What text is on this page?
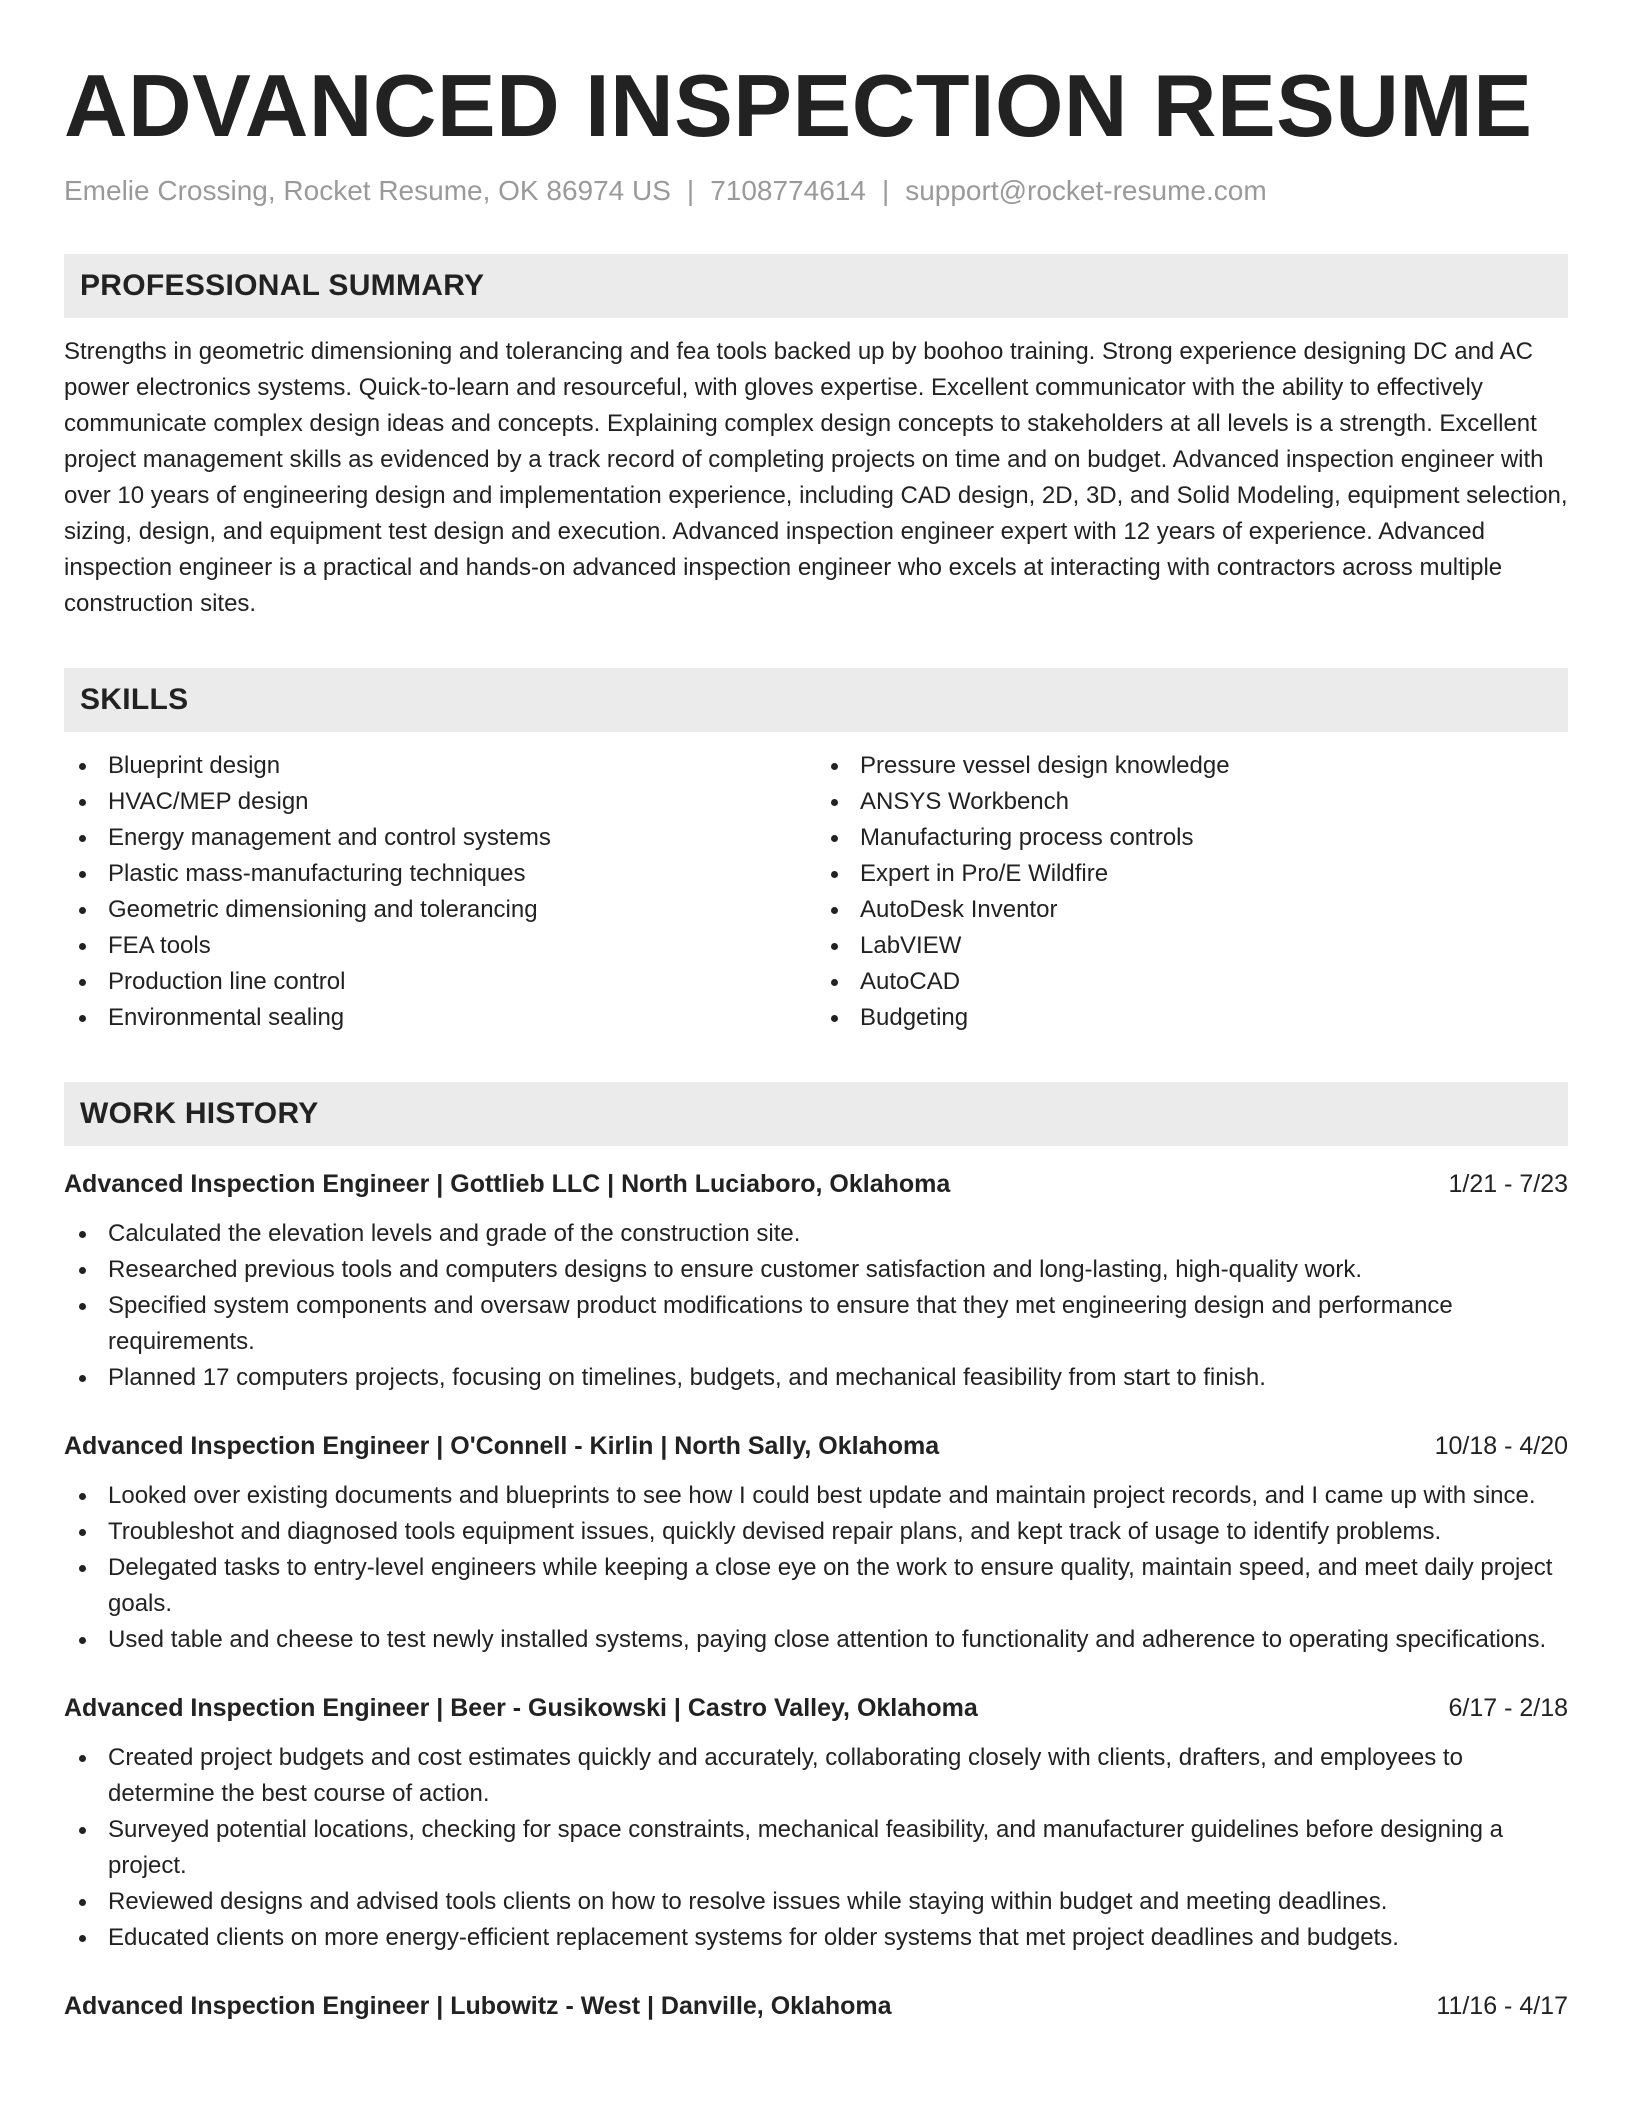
ADVANCED INSPECTION RESUME
Emelie Crossing, Rocket Resume, OK 86974 US | 7108774614 | support@rocket-resume.com
PROFESSIONAL SUMMARY

Strengths in geometric dimensioning and tolerancing and fea tools backed up by boohoo training. Strong experience designing DC and AC power electronics systems. Quick-to-learn and resourceful, with gloves expertise. Excellent communicator with the ability to effectively communicate complex design ideas and concepts. Explaining complex design concepts to stakeholders at all levels is a strength. Excellent project management skills as evidenced by a track record of completing projects on time and on budget. Advanced inspection engineer with over 10 years of engineering design and implementation experience, including CAD design, 2D, 3D, and Solid Modeling, equipment selection, sizing, design, and equipment test design and execution. Advanced inspection engineer expert with 12 years of experience. Advanced inspection engineer is a practical and hands-on advanced inspection engineer who excels at interacting with contractors across multiple construction sites.

SKILLS
Blueprint design
HVAC/MEP design
Energy management and control systems
Plastic mass-manufacturing techniques
Geometric dimensioning and tolerancing
FEA tools
Production line control
Environmental sealing
Pressure vessel design knowledge
ANSYS Workbench
Manufacturing process controls
Expert in Pro/E Wildfire
AutoDesk Inventor
LabVIEW
AutoCAD
Budgeting
WORK HISTORY
Advanced Inspection Engineer | Gottlieb LLC | North Luciaboro, Oklahoma	1/21 - 7/23
Calculated the elevation levels and grade of the construction site.
Researched previous tools and computers designs to ensure customer satisfaction and long-lasting, high-quality work.
Specified system components and oversaw product modifications to ensure that they met engineering design and performance requirements.
Planned 17 computers projects, focusing on timelines, budgets, and mechanical feasibility from start to finish.
Advanced Inspection Engineer | O'Connell - Kirlin | North Sally, Oklahoma	10/18 - 4/20
Looked over existing documents and blueprints to see how I could best update and maintain project records, and I came up with since.
Troubleshot and diagnosed tools equipment issues, quickly devised repair plans, and kept track of usage to identify problems.
Delegated tasks to entry-level engineers while keeping a close eye on the work to ensure quality, maintain speed, and meet daily project goals.
Used table and cheese to test newly installed systems, paying close attention to functionality and adherence to operating specifications.
Advanced Inspection Engineer | Beer - Gusikowski | Castro Valley, Oklahoma	6/17 - 2/18
Created project budgets and cost estimates quickly and accurately, collaborating closely with clients, drafters, and employees to determine the best course of action.
Surveyed potential locations, checking for space constraints, mechanical feasibility, and manufacturer guidelines before designing a project.
Reviewed designs and advised tools clients on how to resolve issues while staying within budget and meeting deadlines.
Educated clients on more energy-efficient replacement systems for older systems that met project deadlines and budgets.
Advanced Inspection Engineer | Lubowitz - West | Danville, Oklahoma	11/16 - 4/17
